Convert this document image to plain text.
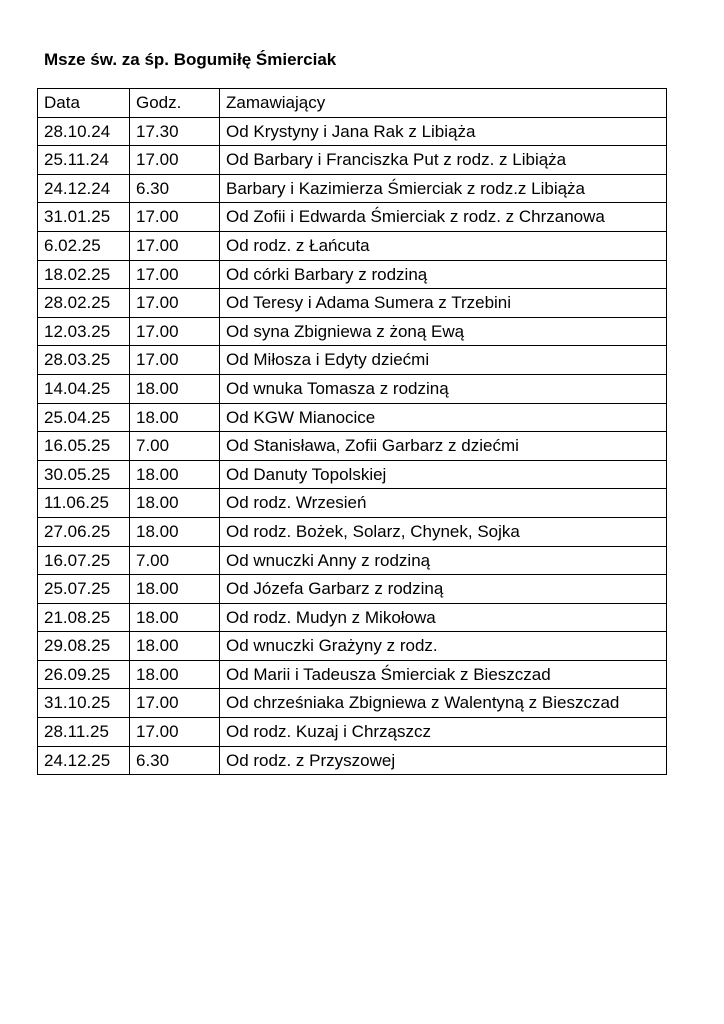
Msze św. za śp. Bogumiłę Śmierciak
Data	Godz.	Zamawiający
28.10.24	17.30	Od Krystyny i Jana Rak z Libiąża
25.11.24	17.00	Od Barbary i Franciszka Put z rodz. z Libiąża
24.12.24	6.30	Barbary i Kazimierza Śmierciak z rodz.z Libiąża
31.01.25	17.00	Od Zofii i Edwarda Śmierciak z rodz. z Chrzanowa
6.02.25	17.00	Od rodz. z Łańcuta
18.02.25	17.00	Od córki Barbary z rodziną
28.02.25	17.00	Od Teresy i Adama Sumera z Trzebini
12.03.25	17.00	Od syna Zbigniewa z żoną Ewą
28.03.25	17.00	Od Miłosza i Edyty dziećmi
14.04.25	18.00	Od wnuka Tomasza z rodziną
25.04.25	18.00	Od KGW Mianocice
16.05.25	7.00	Od Stanisława, Zofii Garbarz z dziećmi
30.05.25	18.00	Od Danuty Topolskiej
11.06.25	18.00	Od rodz. Wrzesień
27.06.25	18.00	Od rodz. Bożek, Solarz, Chynek, Sojka
16.07.25	7.00	Od wnuczki Anny z rodziną
25.07.25	18.00	Od Józefa Garbarz z rodziną
21.08.25	18.00	Od rodz. Mudyn z Mikołowa
29.08.25	18.00	Od wnuczki Grażyny z rodz.
26.09.25	18.00	Od Marii i Tadeusza Śmierciak z Bieszczad
31.10.25	17.00	Od chrześniaka Zbigniewa z Walentyną z Bieszczad
28.11.25	17.00	Od rodz. Kuzaj i Chrząszcz
24.12.25	6.30	Od rodz. z Przyszowej
